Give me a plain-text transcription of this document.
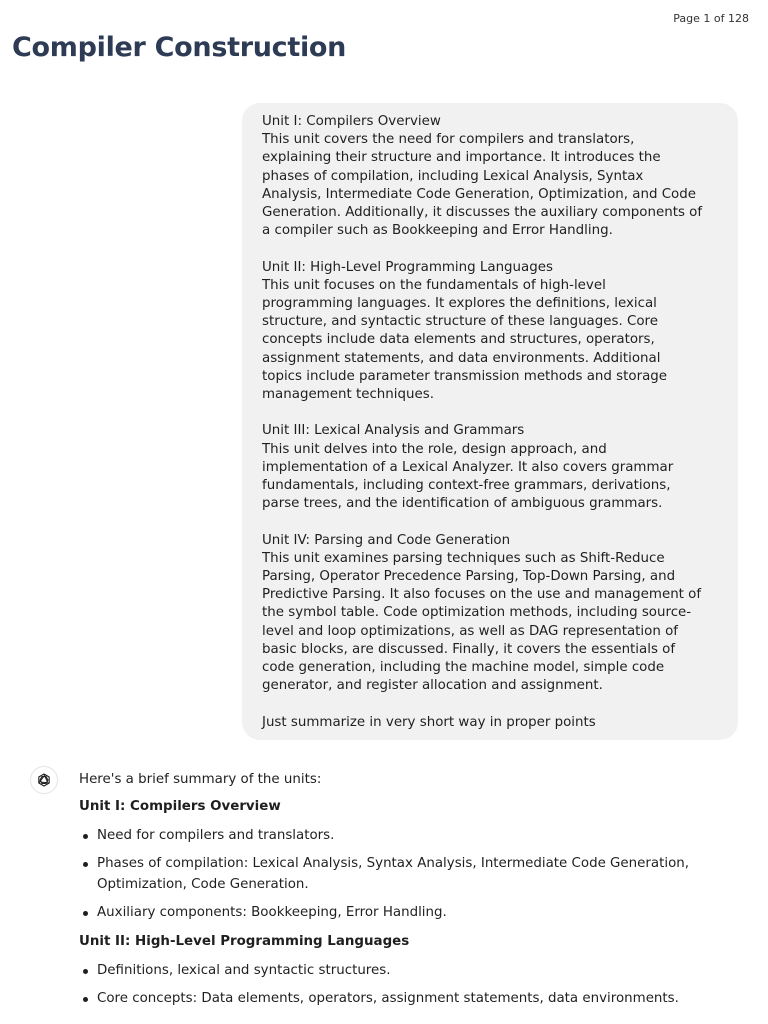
Page 1 of 128
Compiler Construction

Unit I: Compilers Overview
This unit covers the need for compilers and translators,
explaining their structure and importance. It introduces the
phases of compilation, including Lexical Analysis, Syntax
Analysis, Intermediate Code Generation, Optimization, and Code
Generation. Additionally, it discusses the auxiliary components of
a compiler such as Bookkeeping and Error Handling.

Unit II: High-Level Programming Languages
This unit focuses on the fundamentals of high-level
programming languages. It explores the definitions, lexical
structure, and syntactic structure of these languages. Core
concepts include data elements and structures, operators,
assignment statements, and data environments. Additional
topics include parameter transmission methods and storage
management techniques.

Unit III: Lexical Analysis and Grammars
This unit delves into the role, design approach, and
implementation of a Lexical Analyzer. It also covers grammar
fundamentals, including context-free grammars, derivations,
parse trees, and the identification of ambiguous grammars.

Unit IV: Parsing and Code Generation
This unit examines parsing techniques such as Shift-Reduce
Parsing, Operator Precedence Parsing, Top-Down Parsing, and
Predictive Parsing. It also focuses on the use and management of
the symbol table. Code optimization methods, including source-
level and loop optimizations, as well as DAG representation of
basic blocks, are discussed. Finally, it covers the essentials of
code generation, including the machine model, simple code
generator, and register allocation and assignment.

Just summarize in very short way in proper points

Here's a brief summary of the units:

Unit I: Compilers Overview

Need for compilers and translators.
Phases of compilation: Lexical Analysis, Syntax Analysis, Intermediate Code Generation, Optimization, Code Generation.
Auxiliary components: Bookkeeping, Error Handling.

Unit II: High-Level Programming Languages

Definitions, lexical and syntactic structures.
Core concepts: Data elements, operators, assignment statements, data environments.
